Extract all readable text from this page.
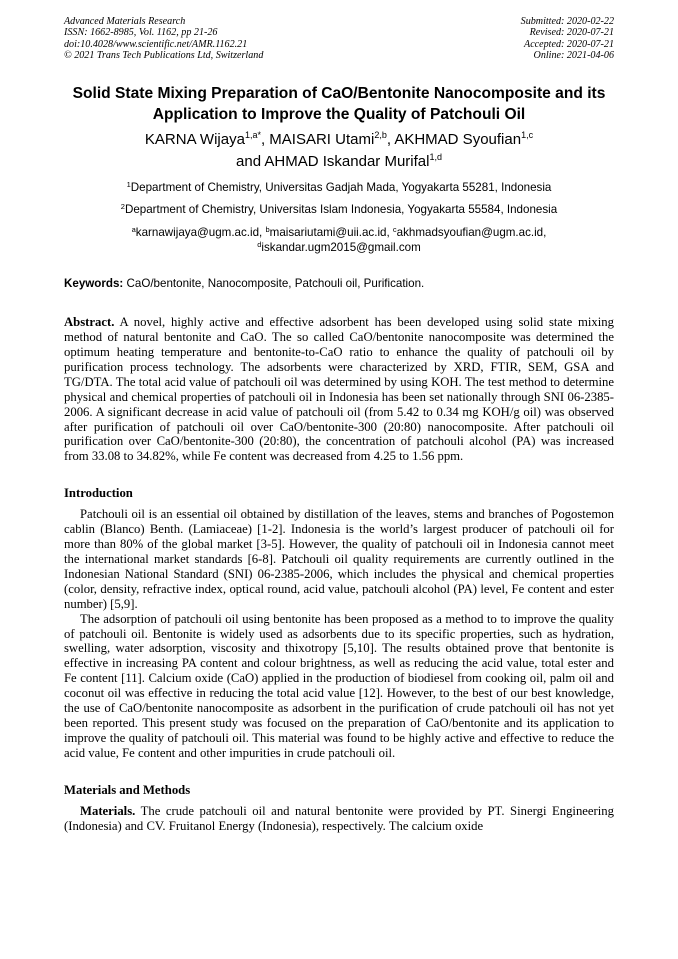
Advanced Materials Research
ISSN: 1662-8985, Vol. 1162, pp 21-26
doi:10.4028/www.scientific.net/AMR.1162.21
© 2021 Trans Tech Publications Ltd, Switzerland
Submitted: 2020-02-22
Revised: 2020-07-21
Accepted: 2020-07-21
Online: 2021-04-06
Solid State Mixing Preparation of CaO/Bentonite Nanocomposite and its
Application to Improve the Quality of Patchouli Oil
KARNA Wijaya$^{1,a*}$, MAISARI Utami$^{2,b}$, AKHMAD Syoufian$^{1,c}$
and AHMAD Iskandar Murifal$^{1,d}$
$^1$Department of Chemistry, Universitas Gadjah Mada, Yogyakarta 55281, Indonesia
$^2$Department of Chemistry, Universitas Islam Indonesia, Yogyakarta 55584, Indonesia
$^a$karnawijaya@ugm.ac.id, $^b$maisariutami@uii.ac.id, $^c$akhmadsyoufian@ugm.ac.id,
$^d$iskandar.ugm2015@gmail.com
Keywords: CaO/bentonite, Nanocomposite, Patchouli oil, Purification.
Abstract. A novel, highly active and effective adsorbent has been developed using solid state mixing method of natural bentonite and CaO. The so called CaO/bentonite nanocomposite was determined the optimum heating temperature and bentonite-to-CaO ratio to enhance the quality of patchouli oil by purification process technology. The adsorbents were characterized by XRD, FTIR, SEM, GSA and TG/DTA. The total acid value of patchouli oil was determined by using KOH. The test method to determine physical and chemical properties of patchouli oil in Indonesia has been set nationally through SNI 06-2385-2006. A significant decrease in acid value of patchouli oil (from 5.42 to 0.34 mg KOH/g oil) was observed after purification of patchouli oil over CaO/bentonite-300 (20:80) nanocomposite. After patchouli oil purification over CaO/bentonite-300 (20:80), the concentration of patchouli alcohol (PA) was increased from 33.08 to 34.82%, while Fe content was decreased from 4.25 to 1.56 ppm.
Introduction
Patchouli oil is an essential oil obtained by distillation of the leaves, stems and branches of Pogostemon cablin (Blanco) Benth. (Lamiaceae) [1-2]. Indonesia is the world’s largest producer of patchouli oil for more than 80% of the global market [3-5]. However, the quality of patchouli oil in Indonesia cannot meet the international market standards [6-8]. Patchouli oil quality requirements are currently outlined in the Indonesian National Standard (SNI) 06-2385-2006, which includes the physical and chemical properties (color, density, refractive index, optical round, acid value, patchouli alcohol (PA) level, Fe content and ester number) [5,9].
The adsorption of patchouli oil using bentonite has been proposed as a method to to improve the quality of patchouli oil. Bentonite is widely used as adsorbents due to its specific properties, such as hydration, swelling, water adsorption, viscosity and thixotropy [5,10]. The results obtained prove that bentonite is effective in increasing PA content and colour brightness, as well as reducing the acid value, total ester and Fe content [11]. Calcium oxide (CaO) applied in the production of biodiesel from cooking oil, palm oil and coconut oil was effective in reducing the total acid value [12]. However, to the best of our best knowledge, the use of CaO/bentonite nanocomposite as adsorbent in the purification of crude patchouli oil has not yet been reported. This present study was focused on the preparation of CaO/bentonite and its application to improve the quality of patchouli oil. This material was found to be highly active and effective to reduce the acid value, Fe content and other impurities in crude patchouli oil.
Materials and Methods
Materials. The crude patchouli oil and natural bentonite were provided by PT. Sinergi Engineering (Indonesia) and CV. Fruitanol Energy (Indonesia), respectively. The calcium oxide
